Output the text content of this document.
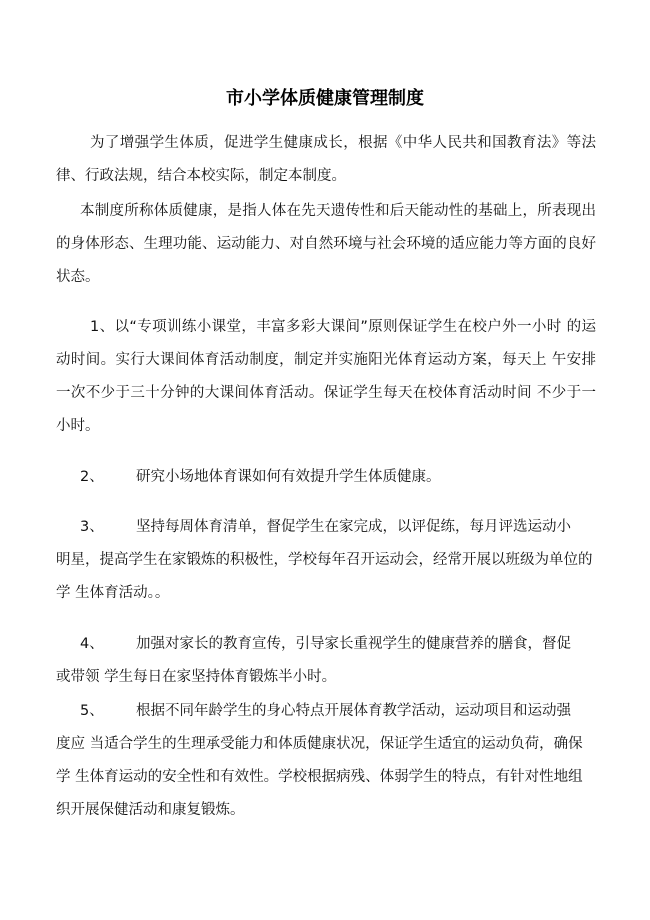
市小学体质健康管理制度
为了增强学生体质，促进学生健康成长，根据《中华人民共和国教育法》等法律、行政法规，结合本校实际，制定本制度。
本制度所称体质健康，是指人体在先天遗传性和后天能动性的基础上，所表现出的身体形态、生理功能、运动能力、对自然环境与社会环境的适应能力等方面的良好状态。
1、以“专项训练小课堂，丰富多彩大课间”原则保证学生在校户外一小时 的运动时间。实行大课间体育活动制度，制定并实施阳光体育运动方案，每天上 午安排一次不少于三十分钟的大课间体育活动。保证学生每天在校体育活动时间 不少于一小时。
2、	研究小场地体育课如何有效提升学生体质健康。
3、	坚持每周体育清单，督促学生在家完成，以评促练，每月评选运动小
明星，提高学生在家锻炼的积极性，学校每年召开运动会，经常开展以班级为单位的学 生体育活动。。
4、	加强对家长的教育宣传，引导家长重视学生的健康营养的膳食，督促
或带领 学生每日在家坚持体育锻炼半小时。
5、	根据不同年龄学生的身心特点开展体育教学活动，运动项目和运动强
度应 当适合学生的生理承受能力和体质健康状况，保证学生适宜的运动负荷，确保学 生体育运动的安全性和有效性。学校根据病残、体弱学生的特点，有针对性地组 织开展保健活动和康复锻炼。
